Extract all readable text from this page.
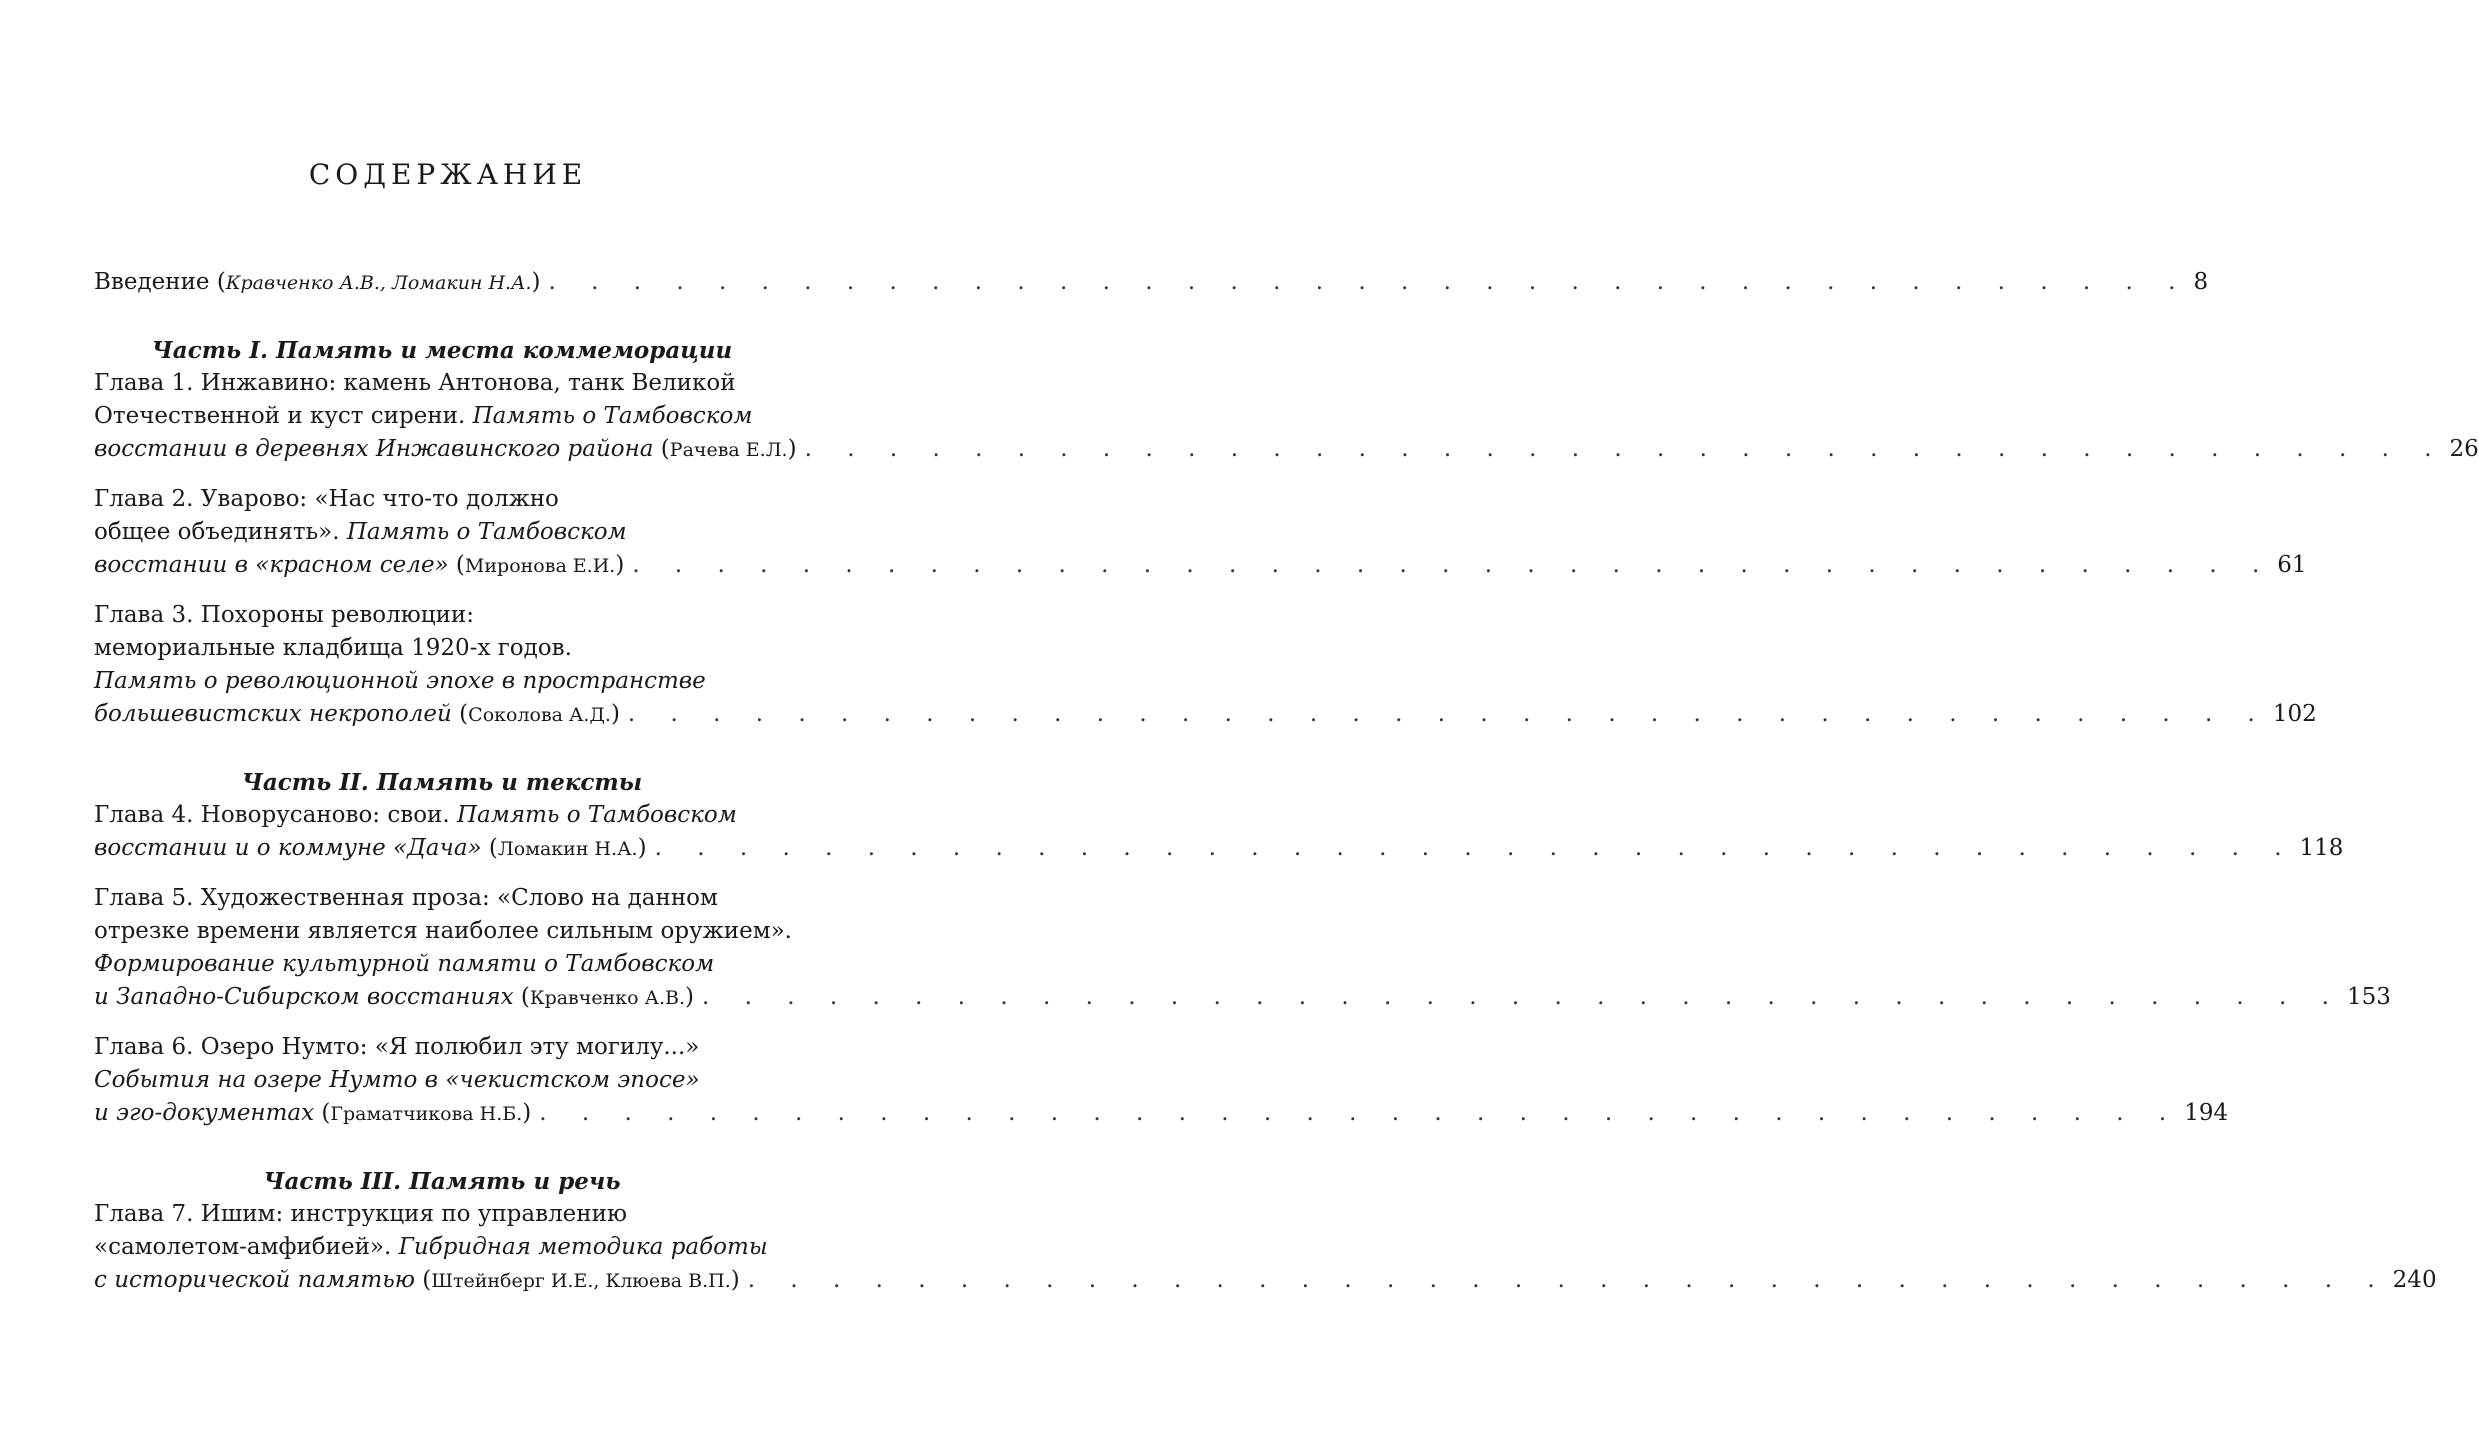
СОДЕРЖАНИЕ
Введение (Кравченко А.В., Ломакин Н.А.) . . . . . . . . . . . . . . . . . . . . . . . . . . . . . . . . . . . . . . . 8
Часть I. Память и места коммеморации
Глава 1. Инжавино: камень Антонова, танк Великой
Отечественной и куст сирени. Память о Тамбовском
восстании в деревнях Инжавинского района (Рачева Е.Л.) . . . . . . . . . . . . . . . . . . . . . . . . . . . . . . . . . . . . . . . 26
Глава 2. Уварово: «Нас что-то должно
общее объединять». Память о Тамбовском
восстании в «красном селе» (Миронова Е.И.) . . . . . . . . . . . . . . . . . . . . . . . . . . . . . . . . . . . . . . . 61
Глава 3. Похороны революции:
мемориальные кладбища 1920-х годов.
Память о революционной эпохе в пространстве
большевистских некрополей (Соколова А.Д.) . . . . . . . . . . . . . . . . . . . . . . . . . . . . . . . . . . . . . . . 102
Часть II. Память и тексты
Глава 4. Новорусаново: свои. Память о Тамбовском
восстании и о коммуне «Дача» (Ломакин Н.А.) . . . . . . . . . . . . . . . . . . . . . . . . . . . . . . . . . . . . . . . 118
Глава 5. Художественная проза: «Слово на данном
отрезке времени является наиболее сильным оружием».
Формирование культурной памяти о Тамбовском
и Западно-Сибирском восстаниях (Кравченко А.В.) . . . . . . . . . . . . . . . . . . . . . . . . . . . . . . . . . . . . . . . 153
Глава 6. Озеро Нумто: «Я полюбил эту могилу...»
События на озере Нумто в «чекистском эпосе»
и эго-документах (Граматчикова Н.Б.) . . . . . . . . . . . . . . . . . . . . . . . . . . . . . . . . . . . . . . . 194
Часть III. Память и речь
Глава 7. Ишим: инструкция по управлению
«самолетом-амфибией». Гибридная методика работы
с исторической памятью (Штейнберг И.Е., Клюева В.П.) . . . . . . . . . . . . . . . . . . . . . . . . . . . . . . . . . . . . . . . 240
